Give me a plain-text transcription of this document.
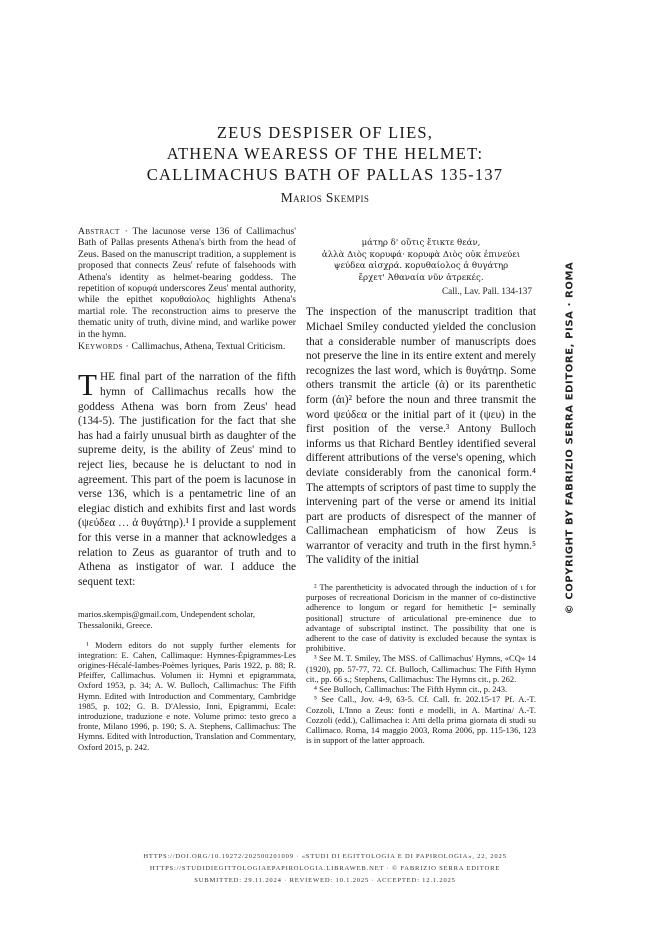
ZEUS DESPISER OF LIES,
ATHENA WEARESS OF THE HELMET:
CALLIMACHUS BATH OF PALLAS 135-137
Marios Skempis
Abstract · The lacunose verse 136 of Callimachus' Bath of Pallas presents Athena's birth from the head of Zeus. Based on the manuscript tradition, a supplement is proposed that connects Zeus' refute of falsehoods with Athena's identity as helmet-bearing goddess. The repetition of κορυφά underscores Zeus' mental authority, while the epithet κορυθαίολος highlights Athena's martial role. The reconstruction aims to preserve the thematic unity of truth, divine mind, and warlike power in the hymn.
Keywords · Callimachus, Athena, Textual Criticism.
THE final part of the narration of the fifth hymn of Callimachus recalls how the goddess Athena was born from Zeus' head (134-5). The justification for the fact that she has had a fairly unusual birth as daughter of the supreme deity, is the ability of Zeus' mind to reject lies, because he is deluctant to nod in agreement. This part of the poem is lacunose in verse 136, which is a pentametric line of an elegiac distich and exhibits first and last words (ψεύδεα … ἁ θυγάτηρ).¹ I provide a supplement for this verse in a manner that acknowledges a relation to Zeus as guarantor of truth and to Athena as instigator of war. I adduce the sequent text:
marios.skempis@gmail.com, Undependent scholar, Thessaloniki, Greece.
¹ Modern editors do not supply further elements for integration: E. Cahen, Callimaque: Hymnes-Épigrammes-Les origines-Hécalé-Iambes-Poèmes lyriques, Paris 1922, p. 88; R. Pfeiffer, Callimachus. Volumen ii: Hymni et epigrammata, Oxford 1953, p. 34; A. W. Bulloch, Callimachus: The Fifth Hymn. Edited with Introduction and Commentary, Cambridge 1985, p. 102; G. B. D'Alessio, Inni, Epigrammi, Ecale: introduzione, traduzione e note. Volume primo: testo greco a fronte, Milano 1996, p. 190; S. A. Stephens, Callimachus: The Hymns. Edited with Introduction, Translation and Commentary, Oxford 2015, p. 242.
μάτηρ δ' οὔτις ἔτικτε θεάν,
ἀλλὰ Διὸς κορυφά· κορυφὰ Διὸς οὐκ ἐπινεύει
ψεύδεα αἰσχρά. κορυθαίολος ἁ θυγάτηρ
ἔρχετ' Ἀθαναία νῦν ἀτρεκές.
Call., Lav. Pall. 134-137
The inspection of the manuscript tradition that Michael Smiley conducted yielded the conclusion that a considerable number of manuscripts does not preserve the line in its entire extent and merely recognizes the last word, which is θυγάτηρ. Some others transmit the article (ἁ) or its parenthetic form (ἀι)² before the noun and three transmit the word ψεύδεα or the initial part of it (ψευ) in the first position of the verse.³ Antony Bulloch informs us that Richard Bentley identified several different attributions of the verse's opening, which deviate considerably from the canonical form.⁴ The attempts of scriptors of past time to supply the intervening part of the verse or amend its initial part are products of disrespect of the manner of Callimachean emphaticism of how Zeus is warrantor of veracity and truth in the first hymn.⁵ The validity of the initial

² The parentheticity is advocated through the induction of ι for purposes of recreational Doricism in the manner of co-distinctive adherence to longum or regard for hemithetic [= seminally positional] structure of articulational pre-eminence due to advantage of subscriptal instinct. The possibility that one is adherent to the case of dativity is excluded because the syntax is prohibitive.

³ See M. T. Smiley, The MSS. of Callimachus' Hymns, «CQ» 14 (1920), pp. 57-77, 72. Cf. Bulloch, Callimachus: The Fifth Hymn cit., pp. 66 s.; Stephens, Callimachus: The Hymns cit., p. 262.

⁴ See Bulloch, Callimachus: The Fifth Hymn cit., p. 243.

⁵ See Call., Jov. 4-9, 63-5. Cf. Call. fr. 202.15-17 Pf. A.-T. Cozzoli, L'Inno a Zeus: fonti e modelli, in A. Martina/ A.-T. Cozzoli (edd.), Callimachea i: Atti della prima giornata di studi su Callimaco. Roma, 14 maggio 2003, Roma 2006, pp. 115-136, 123 is in support of the latter approach.

© COPYRIGHT BY FABRIZIO SERRA EDITORE, PISA · ROMA
HTTPS://DOI.ORG/10.19272/202500201009 · «STUDI DI EGITTOLOGIA E DI PAPIROLOGIA», 22, 2025
HTTPS://STUDIDIEGITTOLOGIAEPAPIROLOGIA.LIBRAWEB.NET · © FABRIZIO SERRA EDITORE
SUBMITTED: 29.11.2024 · REVIEWED: 10.1.2025 · ACCEPTED: 12.1.2025
